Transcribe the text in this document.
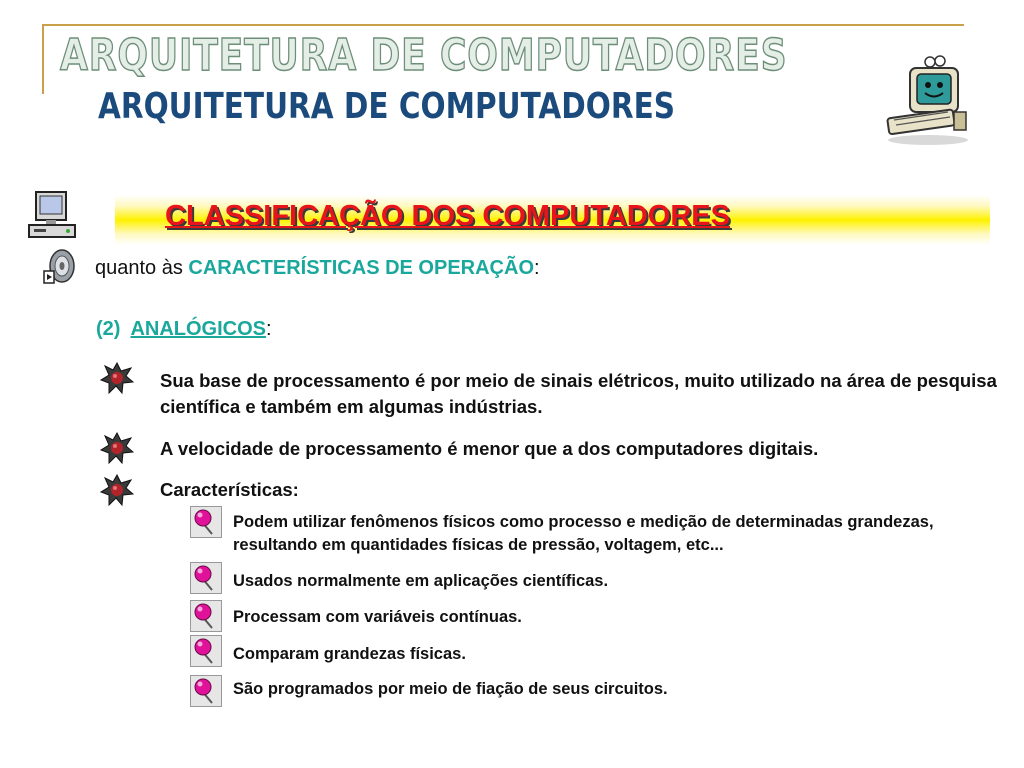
ARQUITETURA DE COMPUTADORES
ARQUITETURA DE COMPUTADORES
CLASSIFICAÇÃO DOS COMPUTADORES
quanto às CARACTERÍSTICAS DE OPERAÇÃO:
(2) ANALÓGICOS:
Sua base de processamento é por meio de sinais elétricos, muito utilizado na área de pesquisa científica e também em algumas indústrias.
A velocidade de processamento é menor que a dos computadores digitais.
Características:
Podem utilizar fenômenos físicos como processo e medição de determinadas grandezas, resultando em quantidades físicas de pressão, voltagem, etc...
Usados normalmente em aplicações científicas.
Processam com variáveis contínuas.
Comparam grandezas físicas.
São programados por meio de fiação de seus circuitos.
